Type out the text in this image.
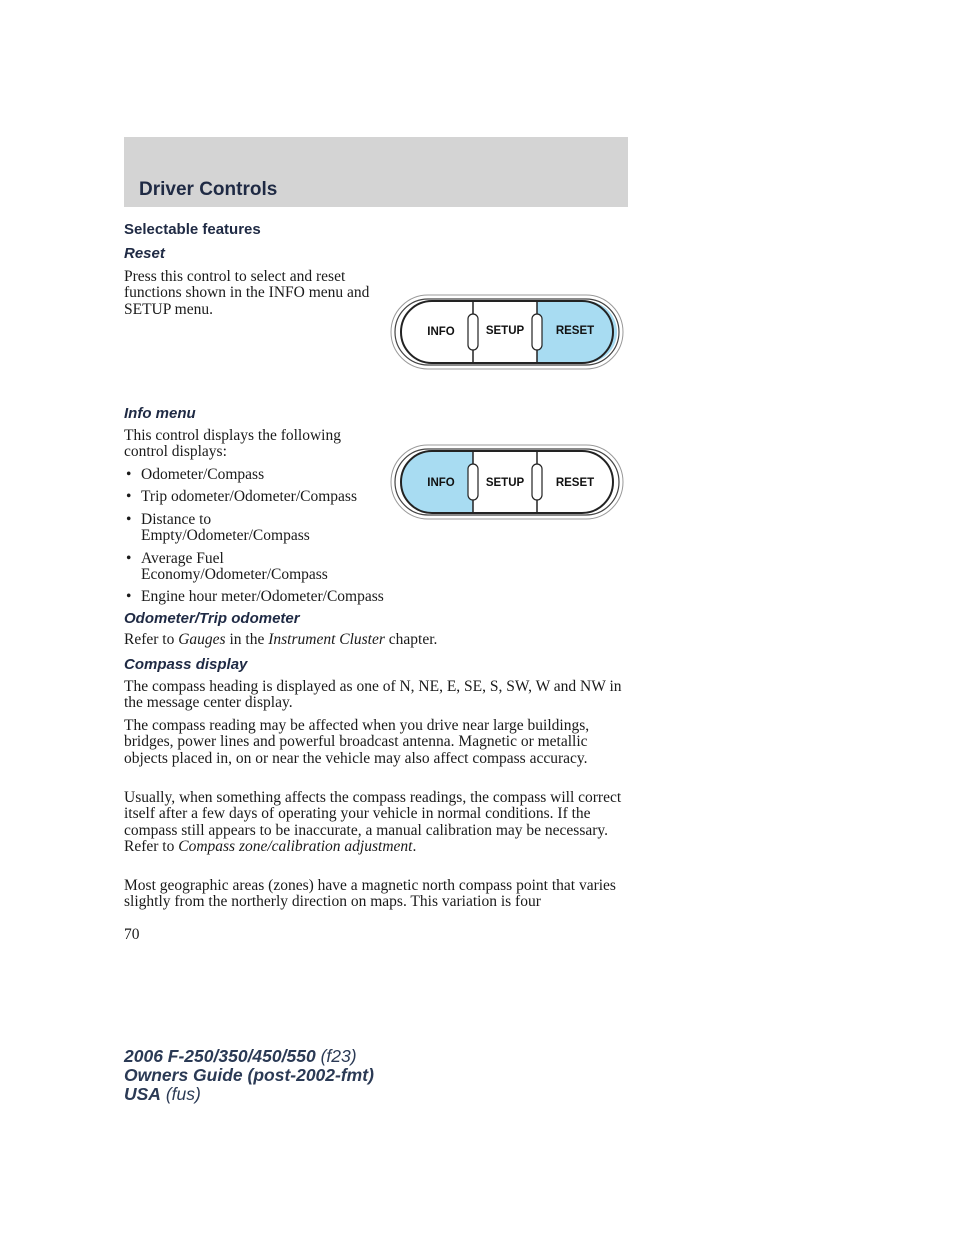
Driver Controls
Selectable features
Reset

Press this control to select and reset functions shown in the INFO menu and SETUP menu.

INFO	SETUP	RESET
Info menu

This control displays the following control displays:

• Odometer/Compass
• Trip odometer/Odometer/Compass
• Distance to Empty/Odometer/Compass
• Average Fuel Economy/Odometer/Compass
• Engine hour meter/Odometer/Compass
INFO	SETUP	RESET
Odometer/Trip odometer

Refer to Gauges in the Instrument Cluster chapter.

Compass display

The compass heading is displayed as one of N, NE, E, SE, S, SW, W and NW in the message center display.

The compass reading may be affected when you drive near large buildings, bridges, power lines and powerful broadcast antenna. Magnetic or metallic objects placed in, on or near the vehicle may also affect compass accuracy.

Usually, when something affects the compass readings, the compass will correct itself after a few days of operating your vehicle in normal conditions. If the compass still appears to be inaccurate, a manual calibration may be necessary. Refer to Compass zone/calibration adjustment.

Most geographic areas (zones) have a magnetic north compass point that varies slightly from the northerly direction on maps. This variation is four

70

2006 F-250/350/450/550 (f23)
Owners Guide (post-2002-fmt)
USA (fus)
